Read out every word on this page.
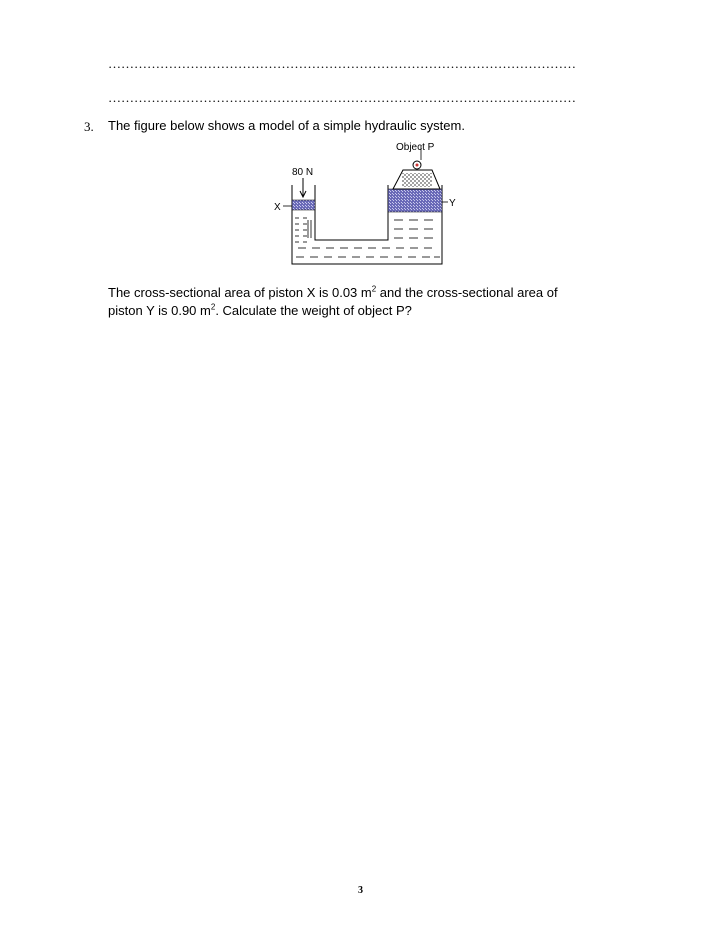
………………………………………………………………………………………………
………………………………………………………………………………………………
3. The figure below shows a model of a simple hydraulic system.
80 N
Object P
X	Y
The cross-sectional area of piston X is 0.03 $m^2$ and the cross-sectional area of
piston Y is 0.90 $m^2$. Calculate the weight of object P?
3
